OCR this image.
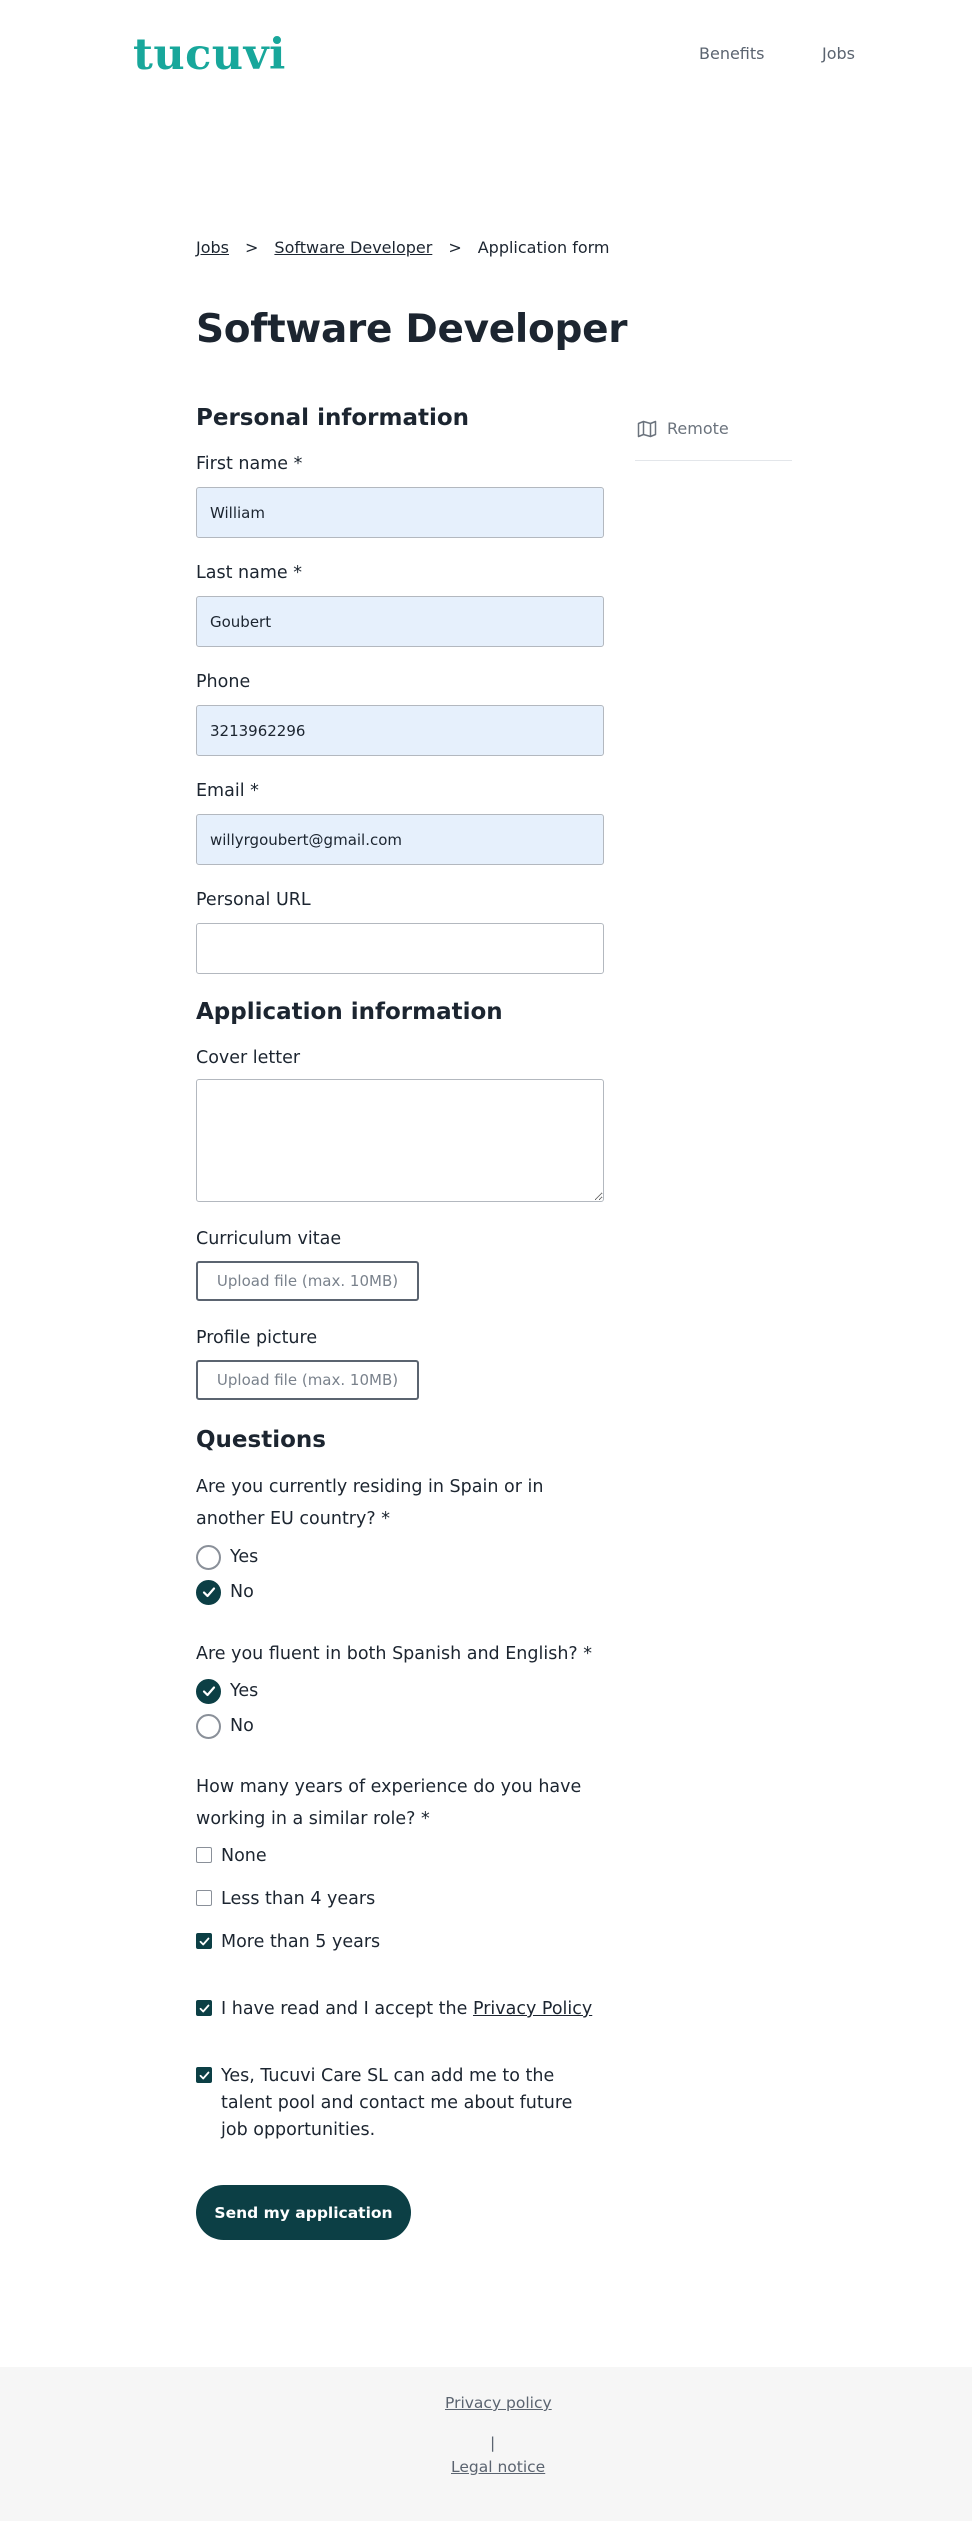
tucuvi	Benefits	Jobs
Jobs > Software Developer > Application form
Software Developer
Personal information
First name *
William
Last name *
Goubert
Phone
3213962296
Email *
willyrgoubert@gmail.com
Personal URL
Application information
Cover letter
Curriculum vitae
Upload file (max. 10MB)
Profile picture
Upload file (max. 10MB)
Questions
Are you currently residing in Spain or in another EU country? *
Yes
No
Are you fluent in both Spanish and English? *
Yes
No
How many years of experience do you have working in a similar role? *
None
Less than 4 years
More than 5 years
I have read and I accept the Privacy Policy
Yes, Tucuvi Care SL can add me to the talent pool and contact me about future job opportunities.
Send my application
Remote
Privacy policy
|
Legal notice
